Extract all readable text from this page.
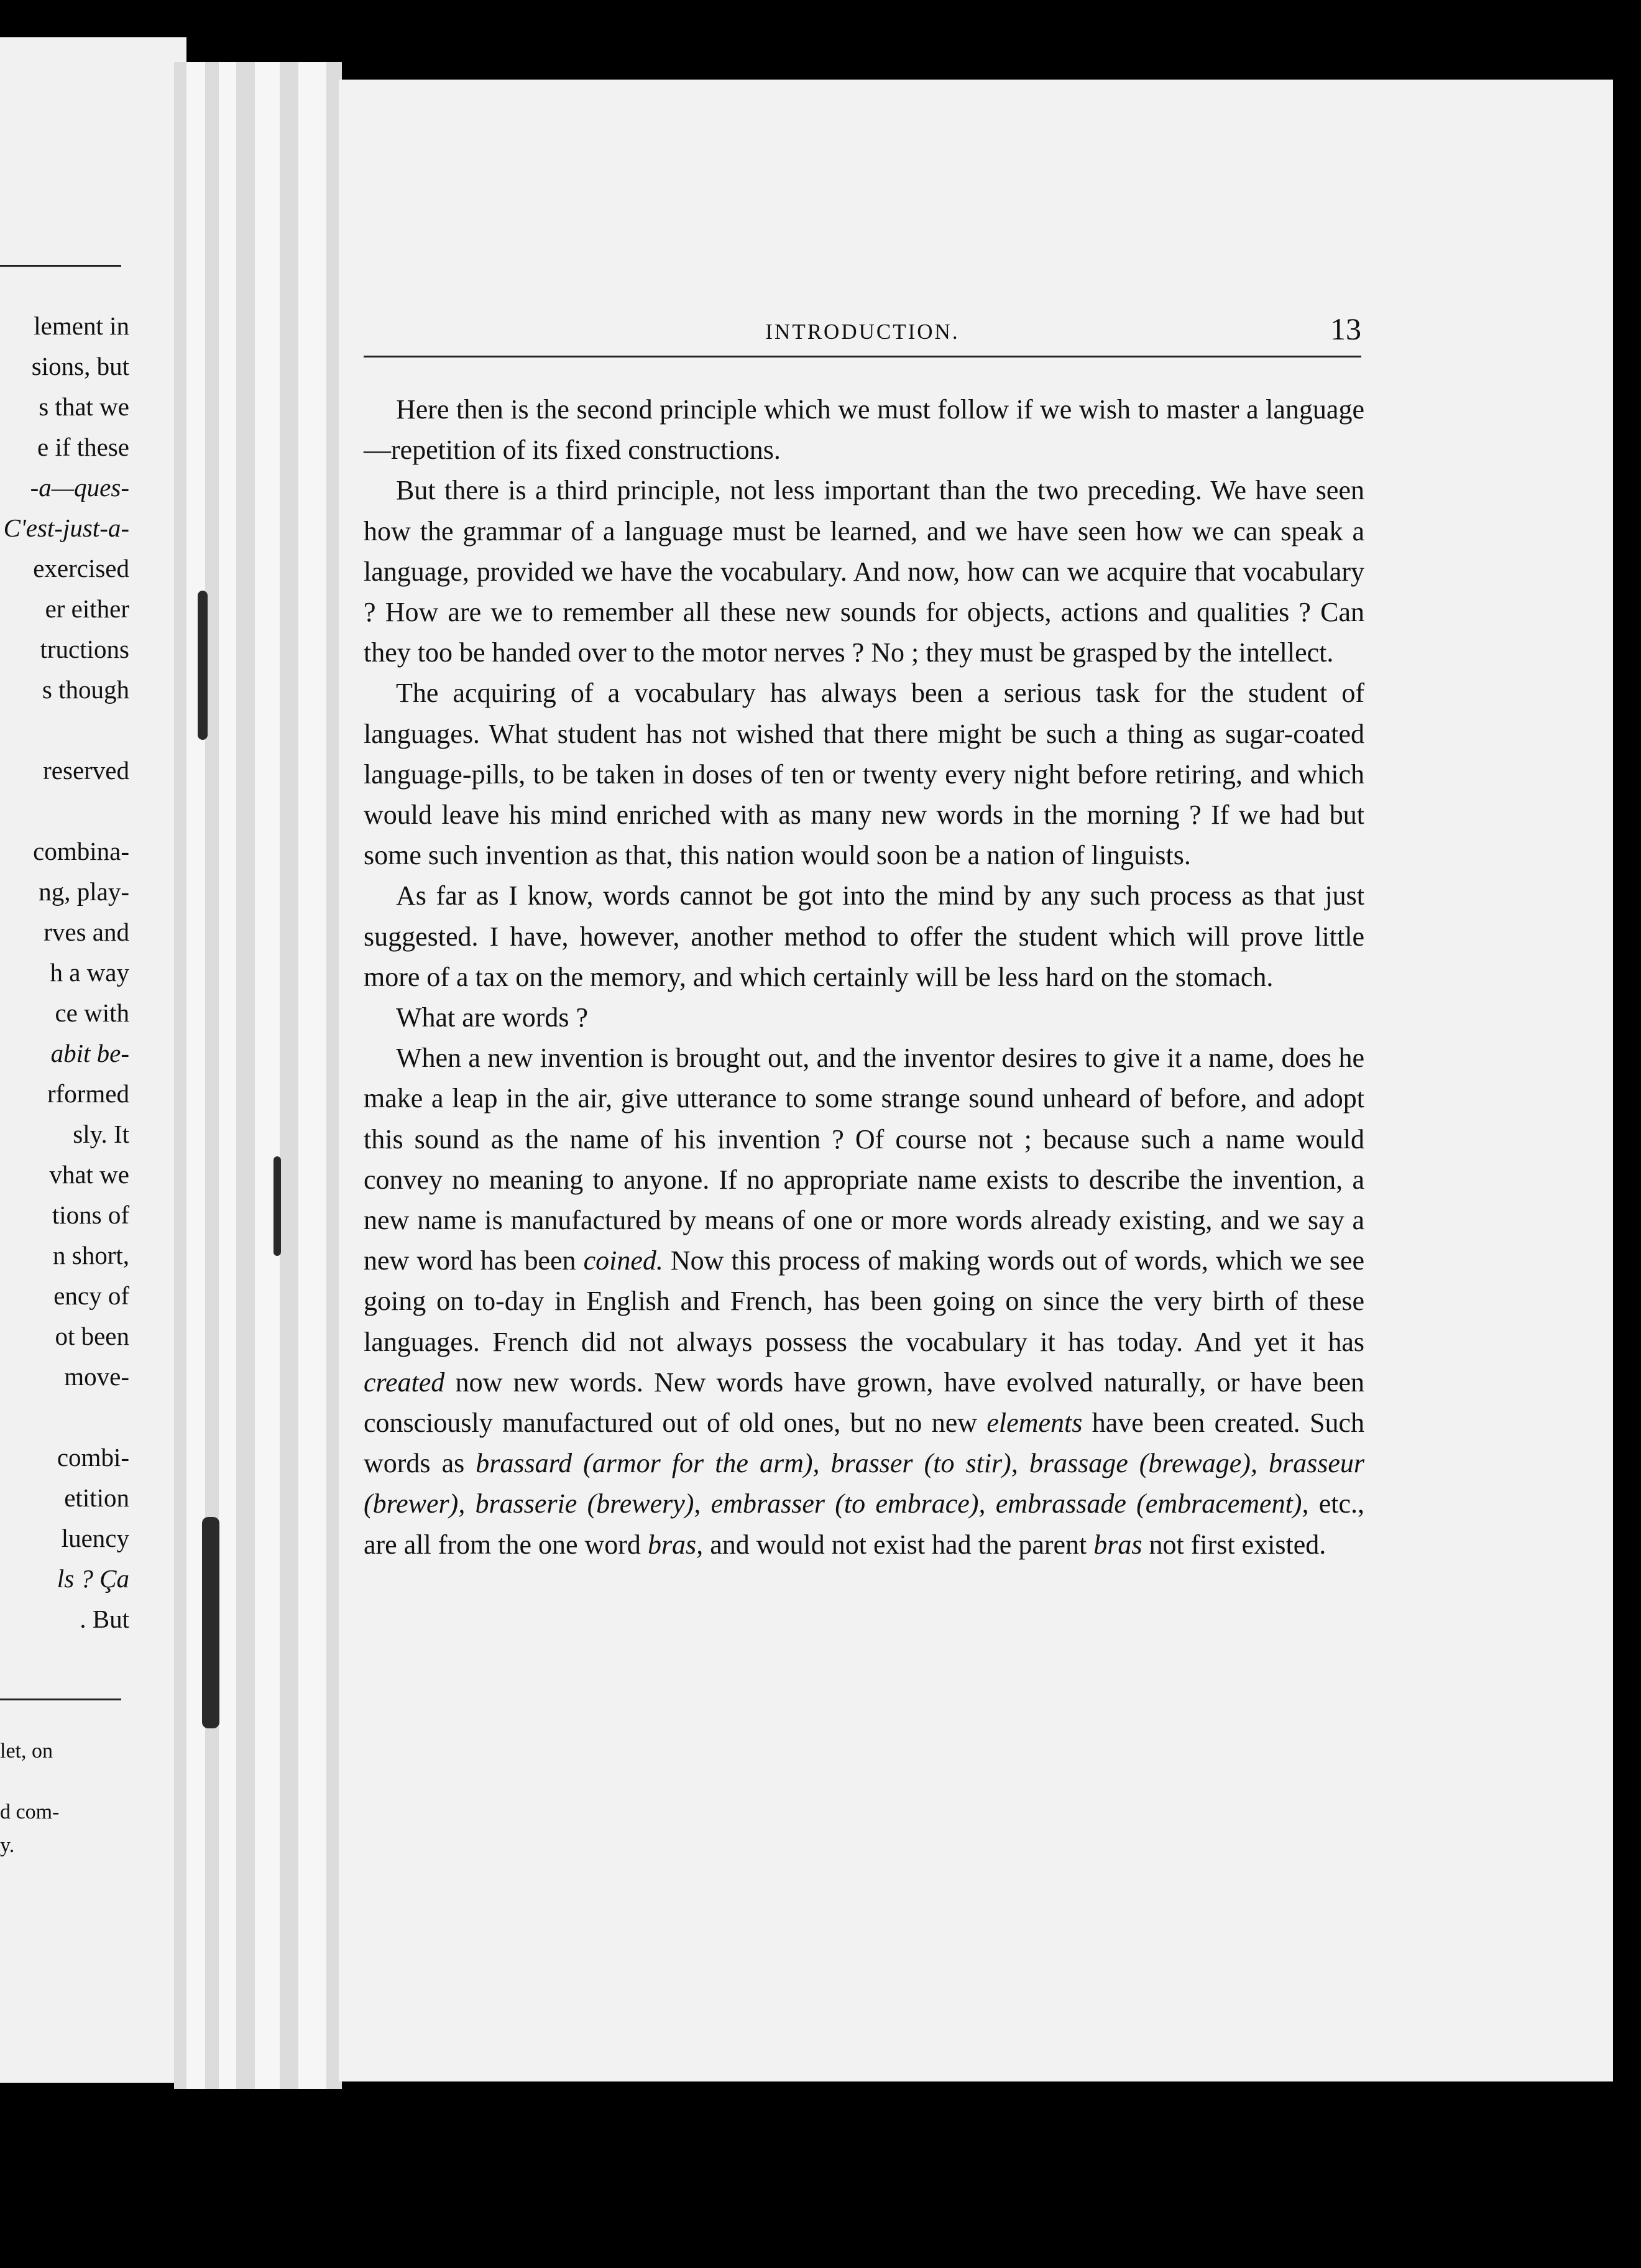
lement in
sions, but
s that we
e if these
-a—ques-
C'est-just-a-
exercised
er either
tructions
s though
reserved
combina-
ng, play-
rves and
h a way
ce with
abit be-
rformed
sly. It
vhat we
tions of
n short,
ency of
ot been
move-
combi-
etition
luency
ls ? Ça
. But
let, on
d com-
y.
INTRODUCTION.	13

Here then is the second principle which we must follow if we wish to master a language—repetition of its fixed constructions.

But there is a third principle, not less important than the two preceding. We have seen how the grammar of a language must be learned, and we have seen how we can speak a language, provided we have the vocabulary. And now, how can we acquire that vocabulary ? How are we to remember all these new sounds for objects, actions and qualities ? Can they too be handed over to the motor nerves ? No ; they must be grasped by the intellect.

The acquiring of a vocabulary has always been a serious task for the student of languages. What student has not wished that there might be such a thing as sugar-coated language-pills, to be taken in doses of ten or twenty every night before retiring, and which would leave his mind enriched with as many new words in the morning ? If we had but some such invention as that, this nation would soon be a nation of linguists.

As far as I know, words cannot be got into the mind by any such process as that just suggested. I have, however, another method to offer the student which will prove little more of a tax on the memory, and which certainly will be less hard on the stomach.

What are words ?

When a new invention is brought out, and the inventor desires to give it a name, does he make a leap in the air, give utterance to some strange sound unheard of before, and adopt this sound as the name of his invention ? Of course not ; because such a name would convey no meaning to anyone. If no appropriate name exists to describe the invention, a new name is manufactured by means of one or more words already existing, and we say a new word has been coined. Now this process of making words out of words, which we see going on to-day in English and French, has been going on since the very birth of these languages. French did not always possess the vocabulary it has today. And yet it has created now new words. New words have grown, have evolved naturally, or have been consciously manufactured out of old ones, but no new elements have been created. Such words as brassard (armor for the arm), brasser (to stir), brassage (brewage), brasseur (brewer), brasserie (brewery), embrasser (to embrace), embrassade (embracement), etc., are all from the one word bras, and would not exist had the parent bras not first existed.
